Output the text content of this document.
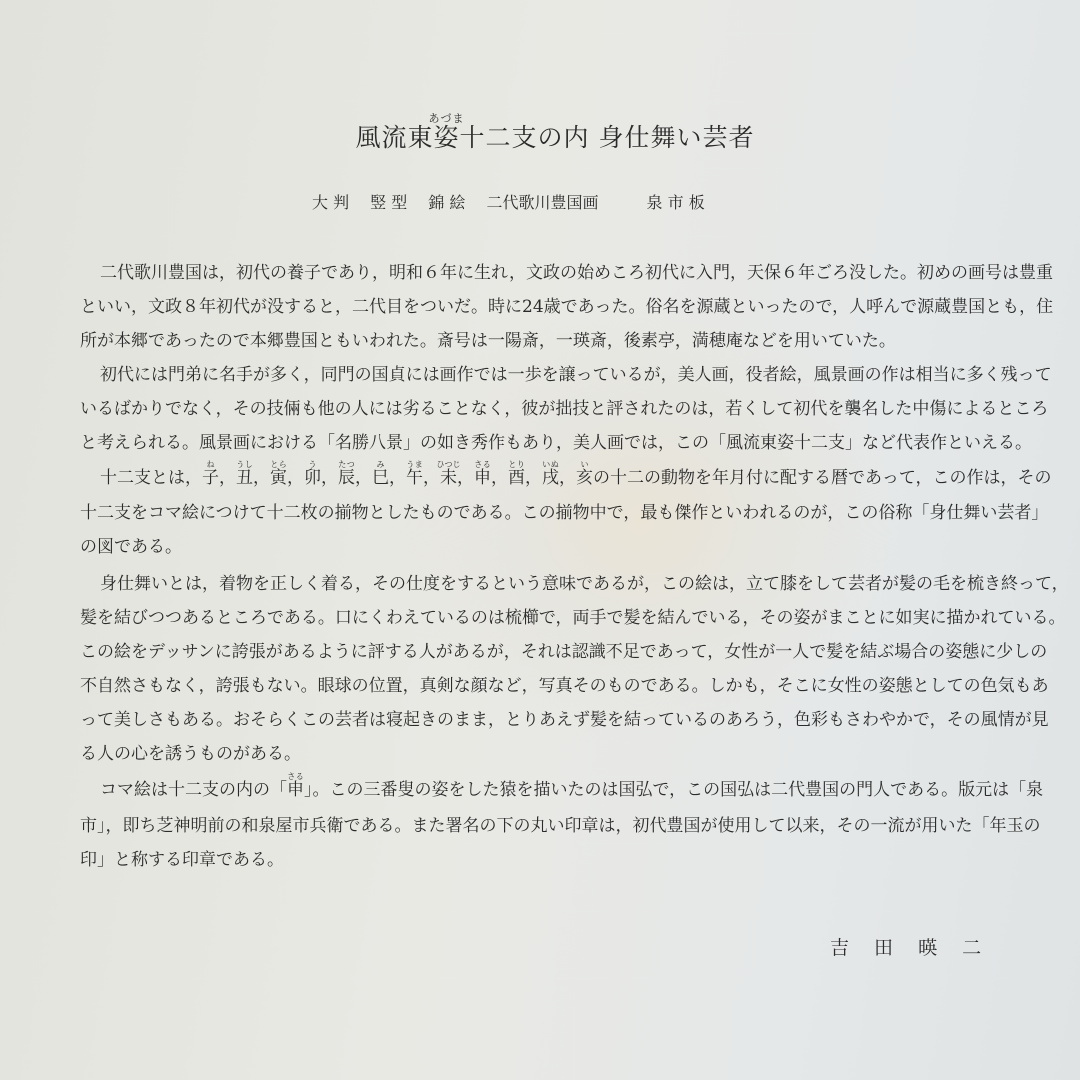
風流東姿あづま十二支の内 身仕舞い芸者
大 判　 竪 型　 錦 絵　 二代歌川豊国画　　　泉 市 板
二代歌川豊国は，初代の養子であり，明和６年に生れ，文政の始めころ初代に入門，天保６年ごろ没した。初めの画号は豊重
といい，文政８年初代が没すると，二代目をついだ。時に24歳であった。俗名を源蔵といったので，人呼んで源蔵豊国とも，住
所が本郷であったので本郷豊国ともいわれた。斎号は一陽斎，一瑛斎，後素亭，満穂庵などを用いていた。
初代には門弟に名手が多く，同門の国貞には画作では一歩を譲っているが，美人画，役者絵，風景画の作は相当に多く残って
いるばかりでなく，その技倆も他の人には劣ることなく，彼が拙技と評されたのは，若くして初代を襲名した中傷によるところ
と考えられる。風景画における「名勝八景」の如き秀作もあり，美人画では，この「風流東姿十二支」など代表作といえる。
十二支とは，子ね，丑うし，寅とら，卯う，辰たつ，巳み，午うま，未ひつじ，申さる，酉とり，戌いぬ，亥いの十二の動物を年月付に配する暦であって，この作は，その
十二支をコマ絵につけて十二枚の揃物としたものである。この揃物中で，最も傑作といわれるのが，この俗称「身仕舞い芸者」
の図である。
身仕舞いとは，着物を正しく着る，その仕度をするという意味であるが，この絵は，立て膝をして芸者が髪の毛を梳き終って，
髪を結びつつあるところである。口にくわえているのは梳櫛で，両手で髪を結んでいる，その姿がまことに如実に描かれている。
この絵をデッサンに誇張があるように評する人があるが，それは認識不足であって，女性が一人で髪を結ぶ場合の姿態に少しの
不自然さもなく，誇張もない。眼球の位置，真剣な顔など，写真そのものである。しかも，そこに女性の姿態としての色気もあ
って美しさもある。おそらくこの芸者は寝起きのまま，とりあえず髪を結っているのあろう，色彩もさわやかで，その風情が見
る人の心を誘うものがある。
コマ絵は十二支の内の「申さる」。この三番叟の姿をした猿を描いたのは国弘で，この国弘は二代豊国の門人である。版元は「泉
市」，即ち芝神明前の和泉屋市兵衛である。また署名の下の丸い印章は，初代豊国が使用して以来，その一流が用いた「年玉の
印」と称する印章である。
吉　 田　 暎　 二
